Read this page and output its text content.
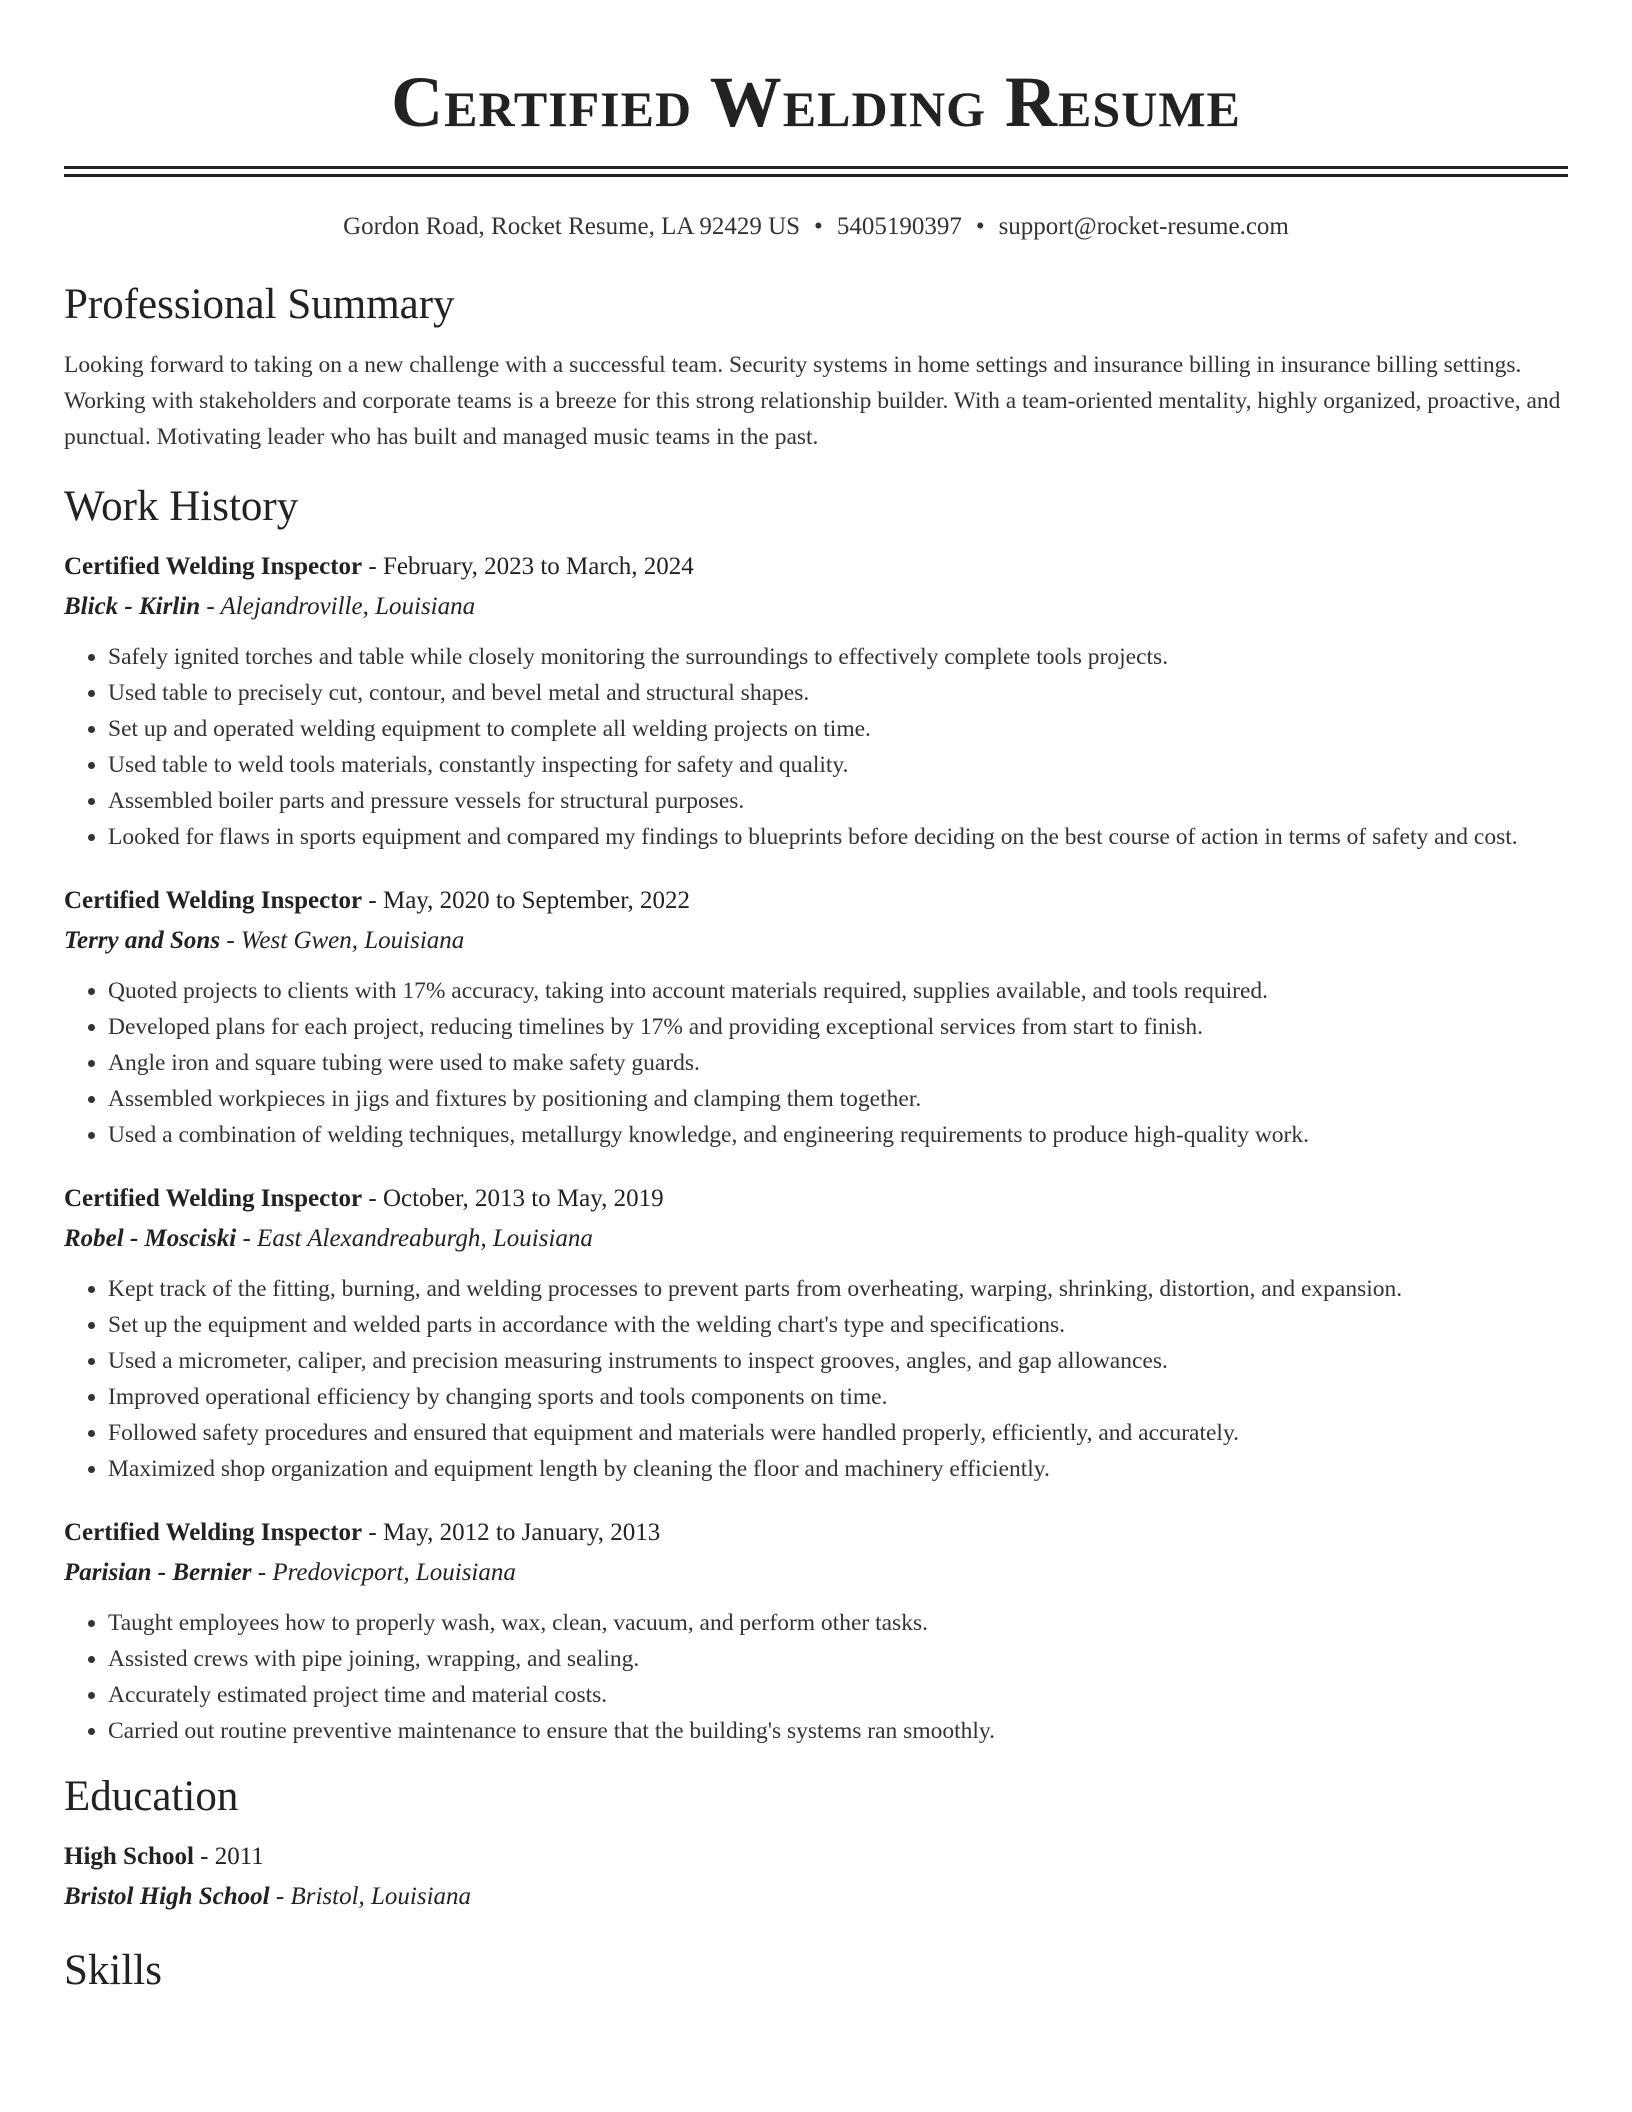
Certified Welding Resume
Gordon Road, Rocket Resume, LA 92429 US • 5405190397 • support@rocket-resume.com
Professional Summary

Looking forward to taking on a new challenge with a successful team. Security systems in home settings and insurance billing in insurance billing settings. Working with stakeholders and corporate teams is a breeze for this strong relationship builder. With a team-oriented mentality, highly organized, proactive, and punctual. Motivating leader who has built and managed music teams in the past.

Work History
Certified Welding Inspector - February, 2023 to March, 2024
Blick - Kirlin - Alejandroville, Louisiana
• Safely ignited torches and table while closely monitoring the surroundings to effectively complete tools projects.
• Used table to precisely cut, contour, and bevel metal and structural shapes.
• Set up and operated welding equipment to complete all welding projects on time.
• Used table to weld tools materials, constantly inspecting for safety and quality.
• Assembled boiler parts and pressure vessels for structural purposes.
• Looked for flaws in sports equipment and compared my findings to blueprints before deciding on the best course of action in terms of safety and cost.
Certified Welding Inspector - May, 2020 to September, 2022
Terry and Sons - West Gwen, Louisiana
• Quoted projects to clients with 17% accuracy, taking into account materials required, supplies available, and tools required.
• Developed plans for each project, reducing timelines by 17% and providing exceptional services from start to finish.
• Angle iron and square tubing were used to make safety guards.
• Assembled workpieces in jigs and fixtures by positioning and clamping them together.
• Used a combination of welding techniques, metallurgy knowledge, and engineering requirements to produce high-quality work.
Certified Welding Inspector - October, 2013 to May, 2019
Robel - Mosciski - East Alexandreaburgh, Louisiana
• Kept track of the fitting, burning, and welding processes to prevent parts from overheating, warping, shrinking, distortion, and expansion.
• Set up the equipment and welded parts in accordance with the welding chart's type and specifications.
• Used a micrometer, caliper, and precision measuring instruments to inspect grooves, angles, and gap allowances.
• Improved operational efficiency by changing sports and tools components on time.
• Followed safety procedures and ensured that equipment and materials were handled properly, efficiently, and accurately.
• Maximized shop organization and equipment length by cleaning the floor and machinery efficiently.
Certified Welding Inspector - May, 2012 to January, 2013
Parisian - Bernier - Predovicport, Louisiana
• Taught employees how to properly wash, wax, clean, vacuum, and perform other tasks.
• Assisted crews with pipe joining, wrapping, and sealing.
• Accurately estimated project time and material costs.
• Carried out routine preventive maintenance to ensure that the building's systems ran smoothly.
Education
High School - 2011
Bristol High School - Bristol, Louisiana
Skills
